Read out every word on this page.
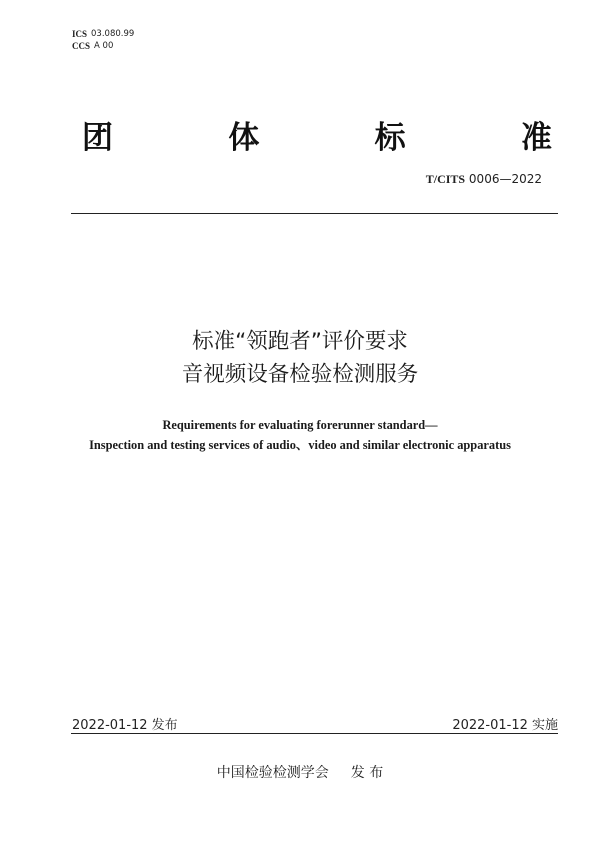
ICS 03.080.99
CCS A 00
团	体	标	准
T/CITS 0006—2022
标准“领跑者”评价要求
音视频设备检验检测服务
Requirements for evaluating forerunner standard—
Inspection and testing services of audio、video and similar electronic apparatus
2022-01-12 发布	2022-01-12 实施
中国检验检测学会 发 布
